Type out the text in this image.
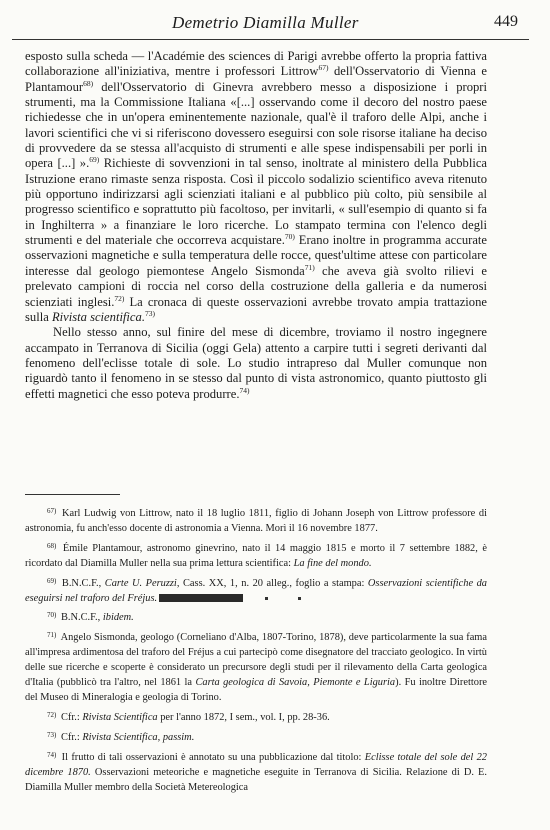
Demetrio Diamilla Muller	449

esposto sulla scheda — l'Académie des sciences di Parigi avrebbe offerto la propria fattiva collaborazione all'iniziativa, mentre i professori Littrow$^{67)}$ dell'Osservatorio di Vienna e Plantamour$^{68)}$ dell'Osservatorio di Ginevra avrebbero messo a disposizione i propri strumenti, ma la Commissione Italiana «[...] osservando come il decoro del nostro paese richiedesse che in un'opera eminentemente nazionale, qual'è il traforo delle Alpi, anche i lavori scientifici che vi si riferiscono dovessero eseguirsi con sole risorse italiane ha deciso di provvedere da se stessa all'acquisto di strumenti e alle spese indispensabili per porli in opera [...] ».$^{69)}$ Richieste di sovvenzioni in tal senso, inoltrate al ministero della Pubblica Istruzione erano rimaste senza risposta. Così il piccolo sodalizio scientifico aveva ritenuto più opportuno indirizzarsi agli scienziati italiani e al pubblico più colto, più sensibile al progresso scientifico e soprattutto più facoltoso, per invitarli, « sull'esempio di quanto si fa in Inghilterra » a finanziare le loro ricerche. Lo stampato termina con l'elenco degli strumenti e del materiale che occorreva acquistare.$^{70)}$ Erano inoltre in programma accurate osservazioni magnetiche e sulla temperatura delle rocce, quest'ultime attese con particolare interesse dal geologo piemontese Angelo Sismonda$^{71)}$ che aveva già svolto rilievi e prelevato campioni di roccia nel corso della costruzione della galleria e da numerosi scienziati inglesi.$^{72)}$ La cronaca di queste osservazioni avrebbe trovato ampia trattazione sulla Rivista scientifica.$^{73)}$

Nello stesso anno, sul finire del mese di dicembre, troviamo il nostro ingegnere accampato in Terranova di Sicilia (oggi Gela) attento a carpire tutti i segreti derivanti dal fenomeno dell'eclisse totale di sole. Lo studio intrapreso dal Muller comunque non riguardò tanto il fenomeno in se stesso dal punto di vista astronomico, quanto piuttosto gli effetti magnetici che esso poteva produrre.$^{74)}$

$^{67)}$ Karl Ludwig von Littrow, nato il 18 luglio 1811, figlio di Johann Joseph von Littrow professore di astronomia, fu anch'esso docente di astronomia a Vienna. Morì il 16 novembre 1877.

$^{68)}$ Émile Plantamour, astronomo ginevrino, nato il 14 maggio 1815 e morto il 7 settembre 1882, è ricordato dal Diamilla Muller nella sua prima lettura scientifica: La fine del mondo.

$^{69)}$ B.N.C.F., Carte U. Peruzzi, Cass. XX, 1, n. 20 alleg., foglio a stampa: Osservazioni scientifiche da eseguirsi nel traforo del Fréjus.

$^{70)}$ B.N.C.F., ibidem.

$^{71)}$ Angelo Sismonda, geologo (Corneliano d'Alba, 1807-Torino, 1878), deve particolarmente la sua fama all'impresa ardimentosa del traforo del Fréjus a cui partecipò come disegnatore del tracciato geologico. In virtù delle sue ricerche e scoperte è considerato un precursore degli studi per il rilevamento della Carta geologica d'Italia (pubblicò tra l'altro, nel 1861 la Carta geologica di Savoia, Piemonte e Liguria). Fu inoltre Direttore del Museo di Mineralogia e geologia di Torino.

$^{72)}$ Cfr.: Rivista Scientifica per l'anno 1872, I sem., vol. I, pp. 28-36.

$^{73)}$ Cfr.: Rivista Scientifica, passim.

$^{74)}$ Il frutto di tali osservazioni è annotato su una pubblicazione dal titolo: Eclisse totale del sole del 22 dicembre 1870. Osservazioni meteoriche e magnetiche eseguite in Terranova di Sicilia. Relazione di D. E. Diamilla Muller membro della Società Metereologica
